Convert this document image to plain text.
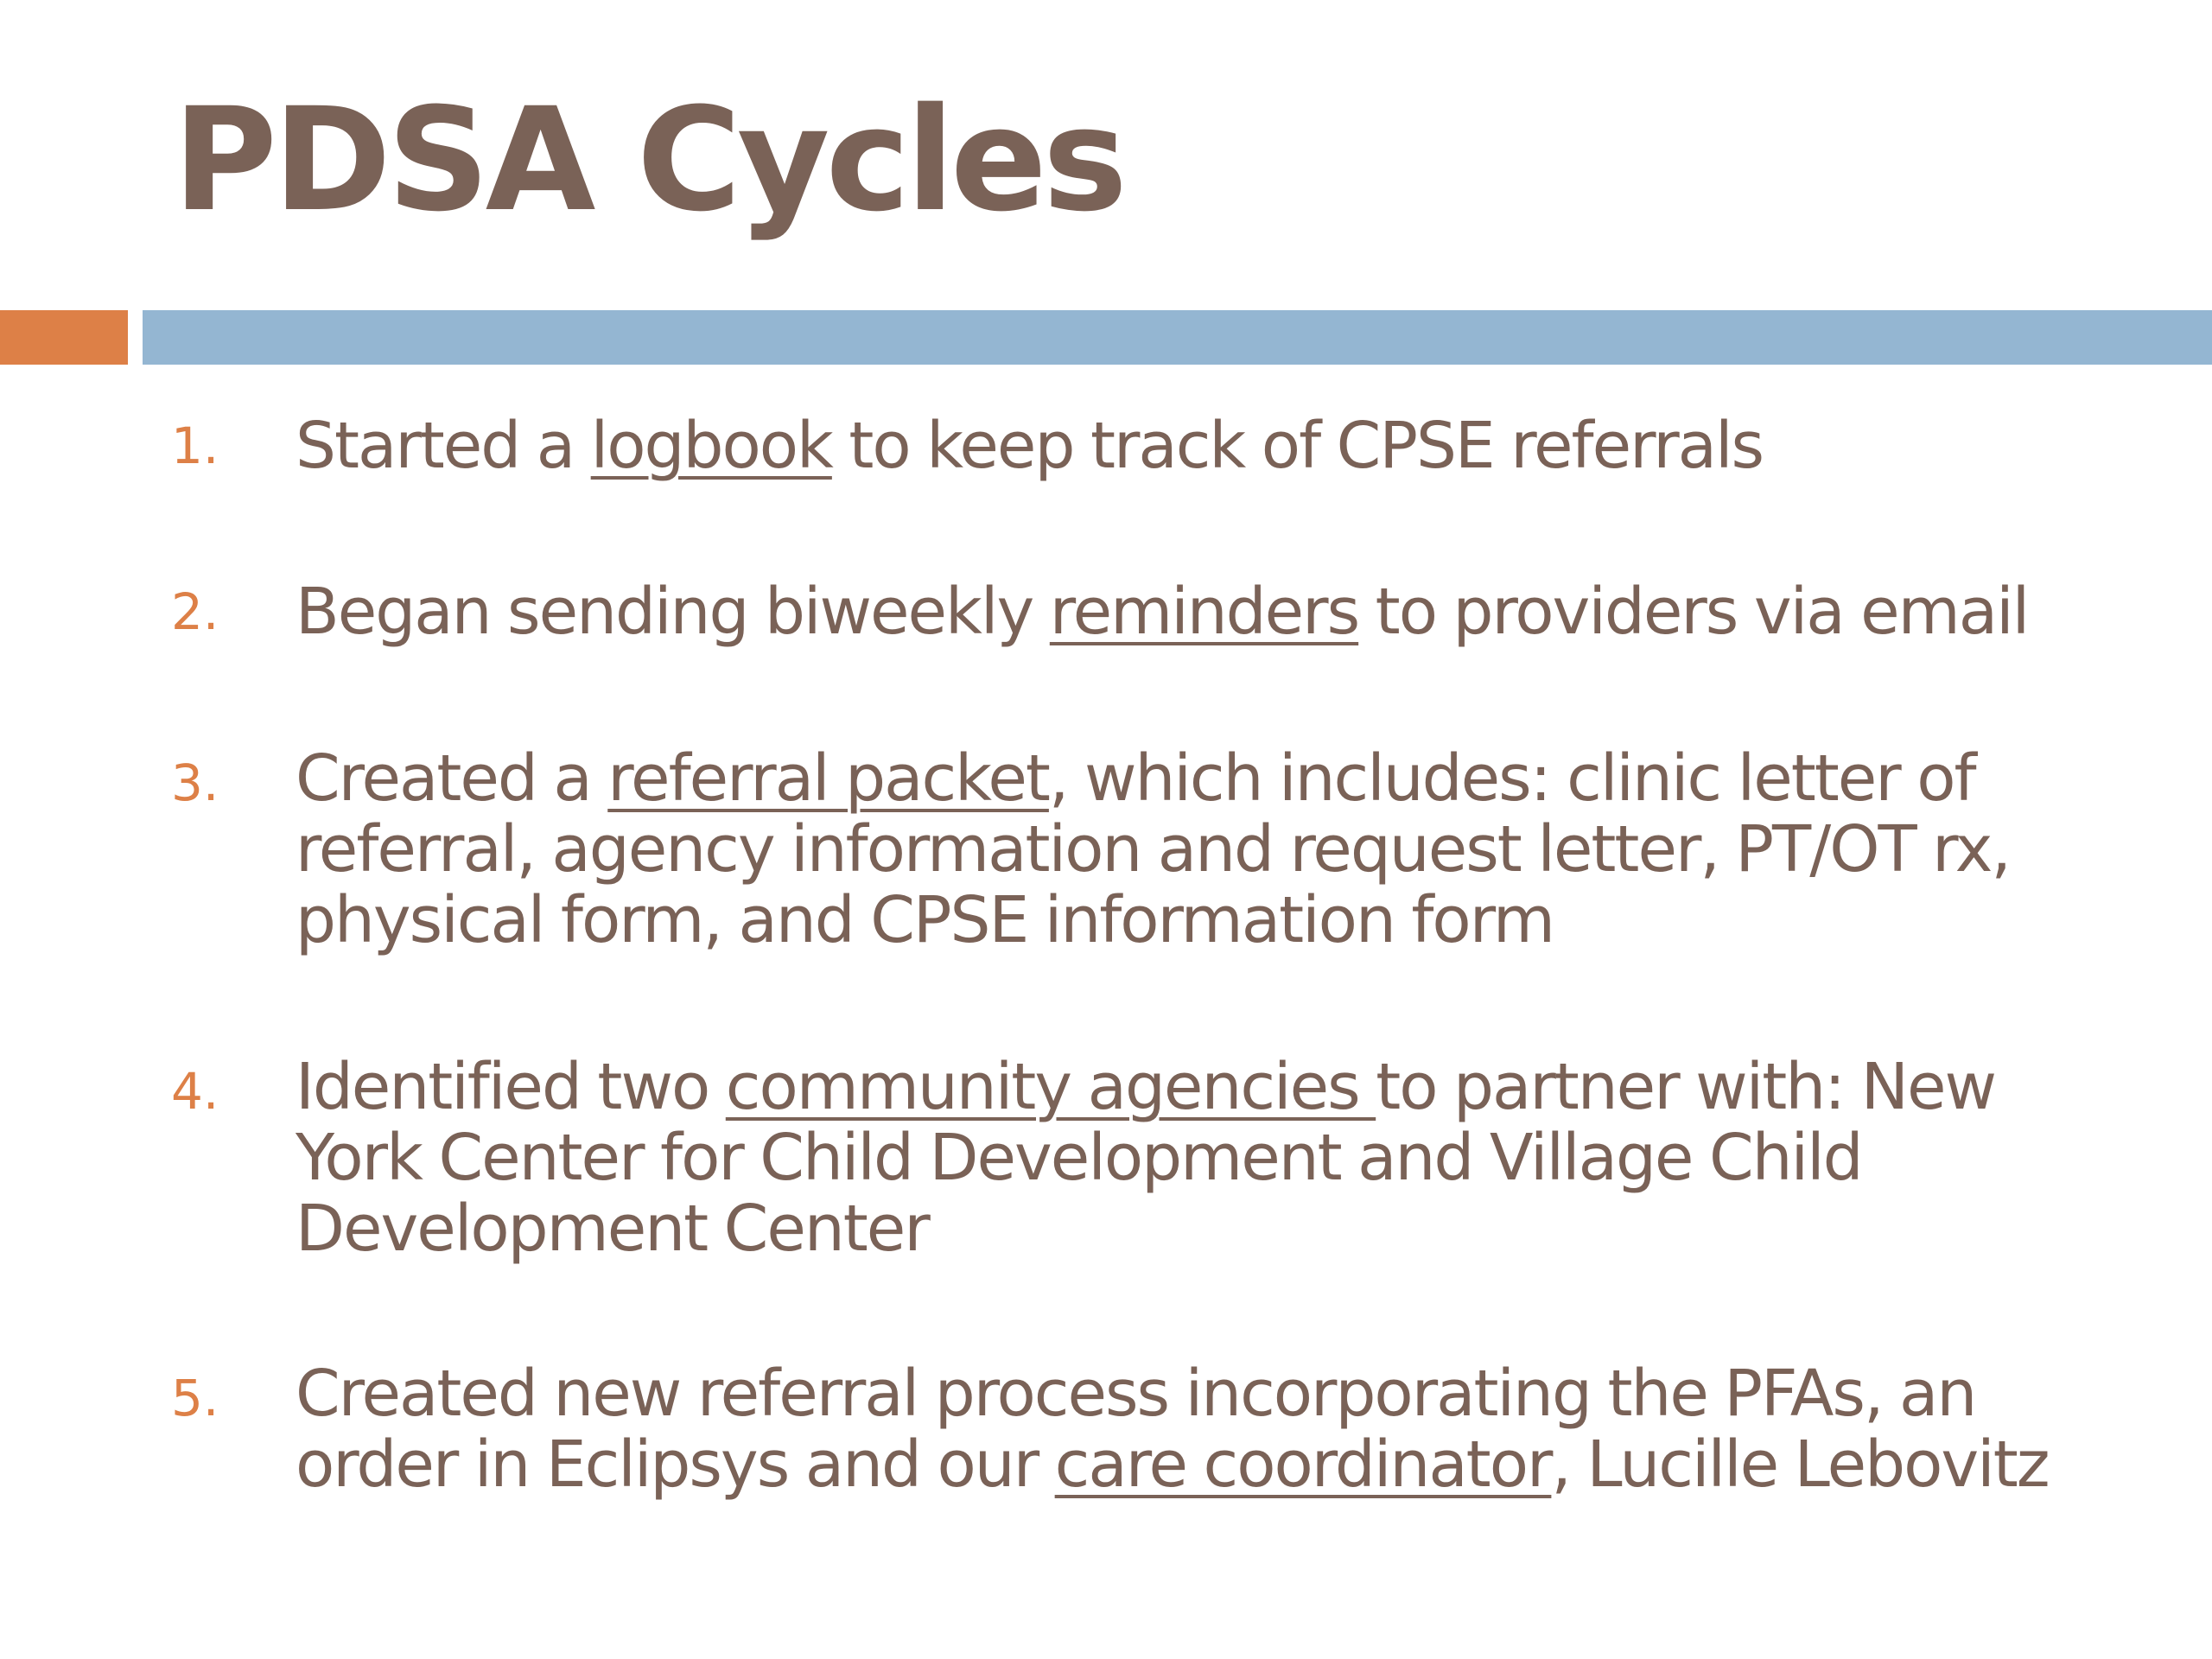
PDSA Cycles
1. Started a logbook to keep track of CPSE referrals
2. Began sending biweekly reminders to providers via email
3. Created a referral packet, which includes: clinic letter of
referral, agency information and request letter, PT/OT rx,
physical form, and CPSE information form
4. Identified two community agencies to partner with: New
York Center for Child Development and Village Child
Development Center
5. Created new referral process incorporating the PFAs, an
order in Eclipsys and our care coordinator, Lucille Lebovitz
